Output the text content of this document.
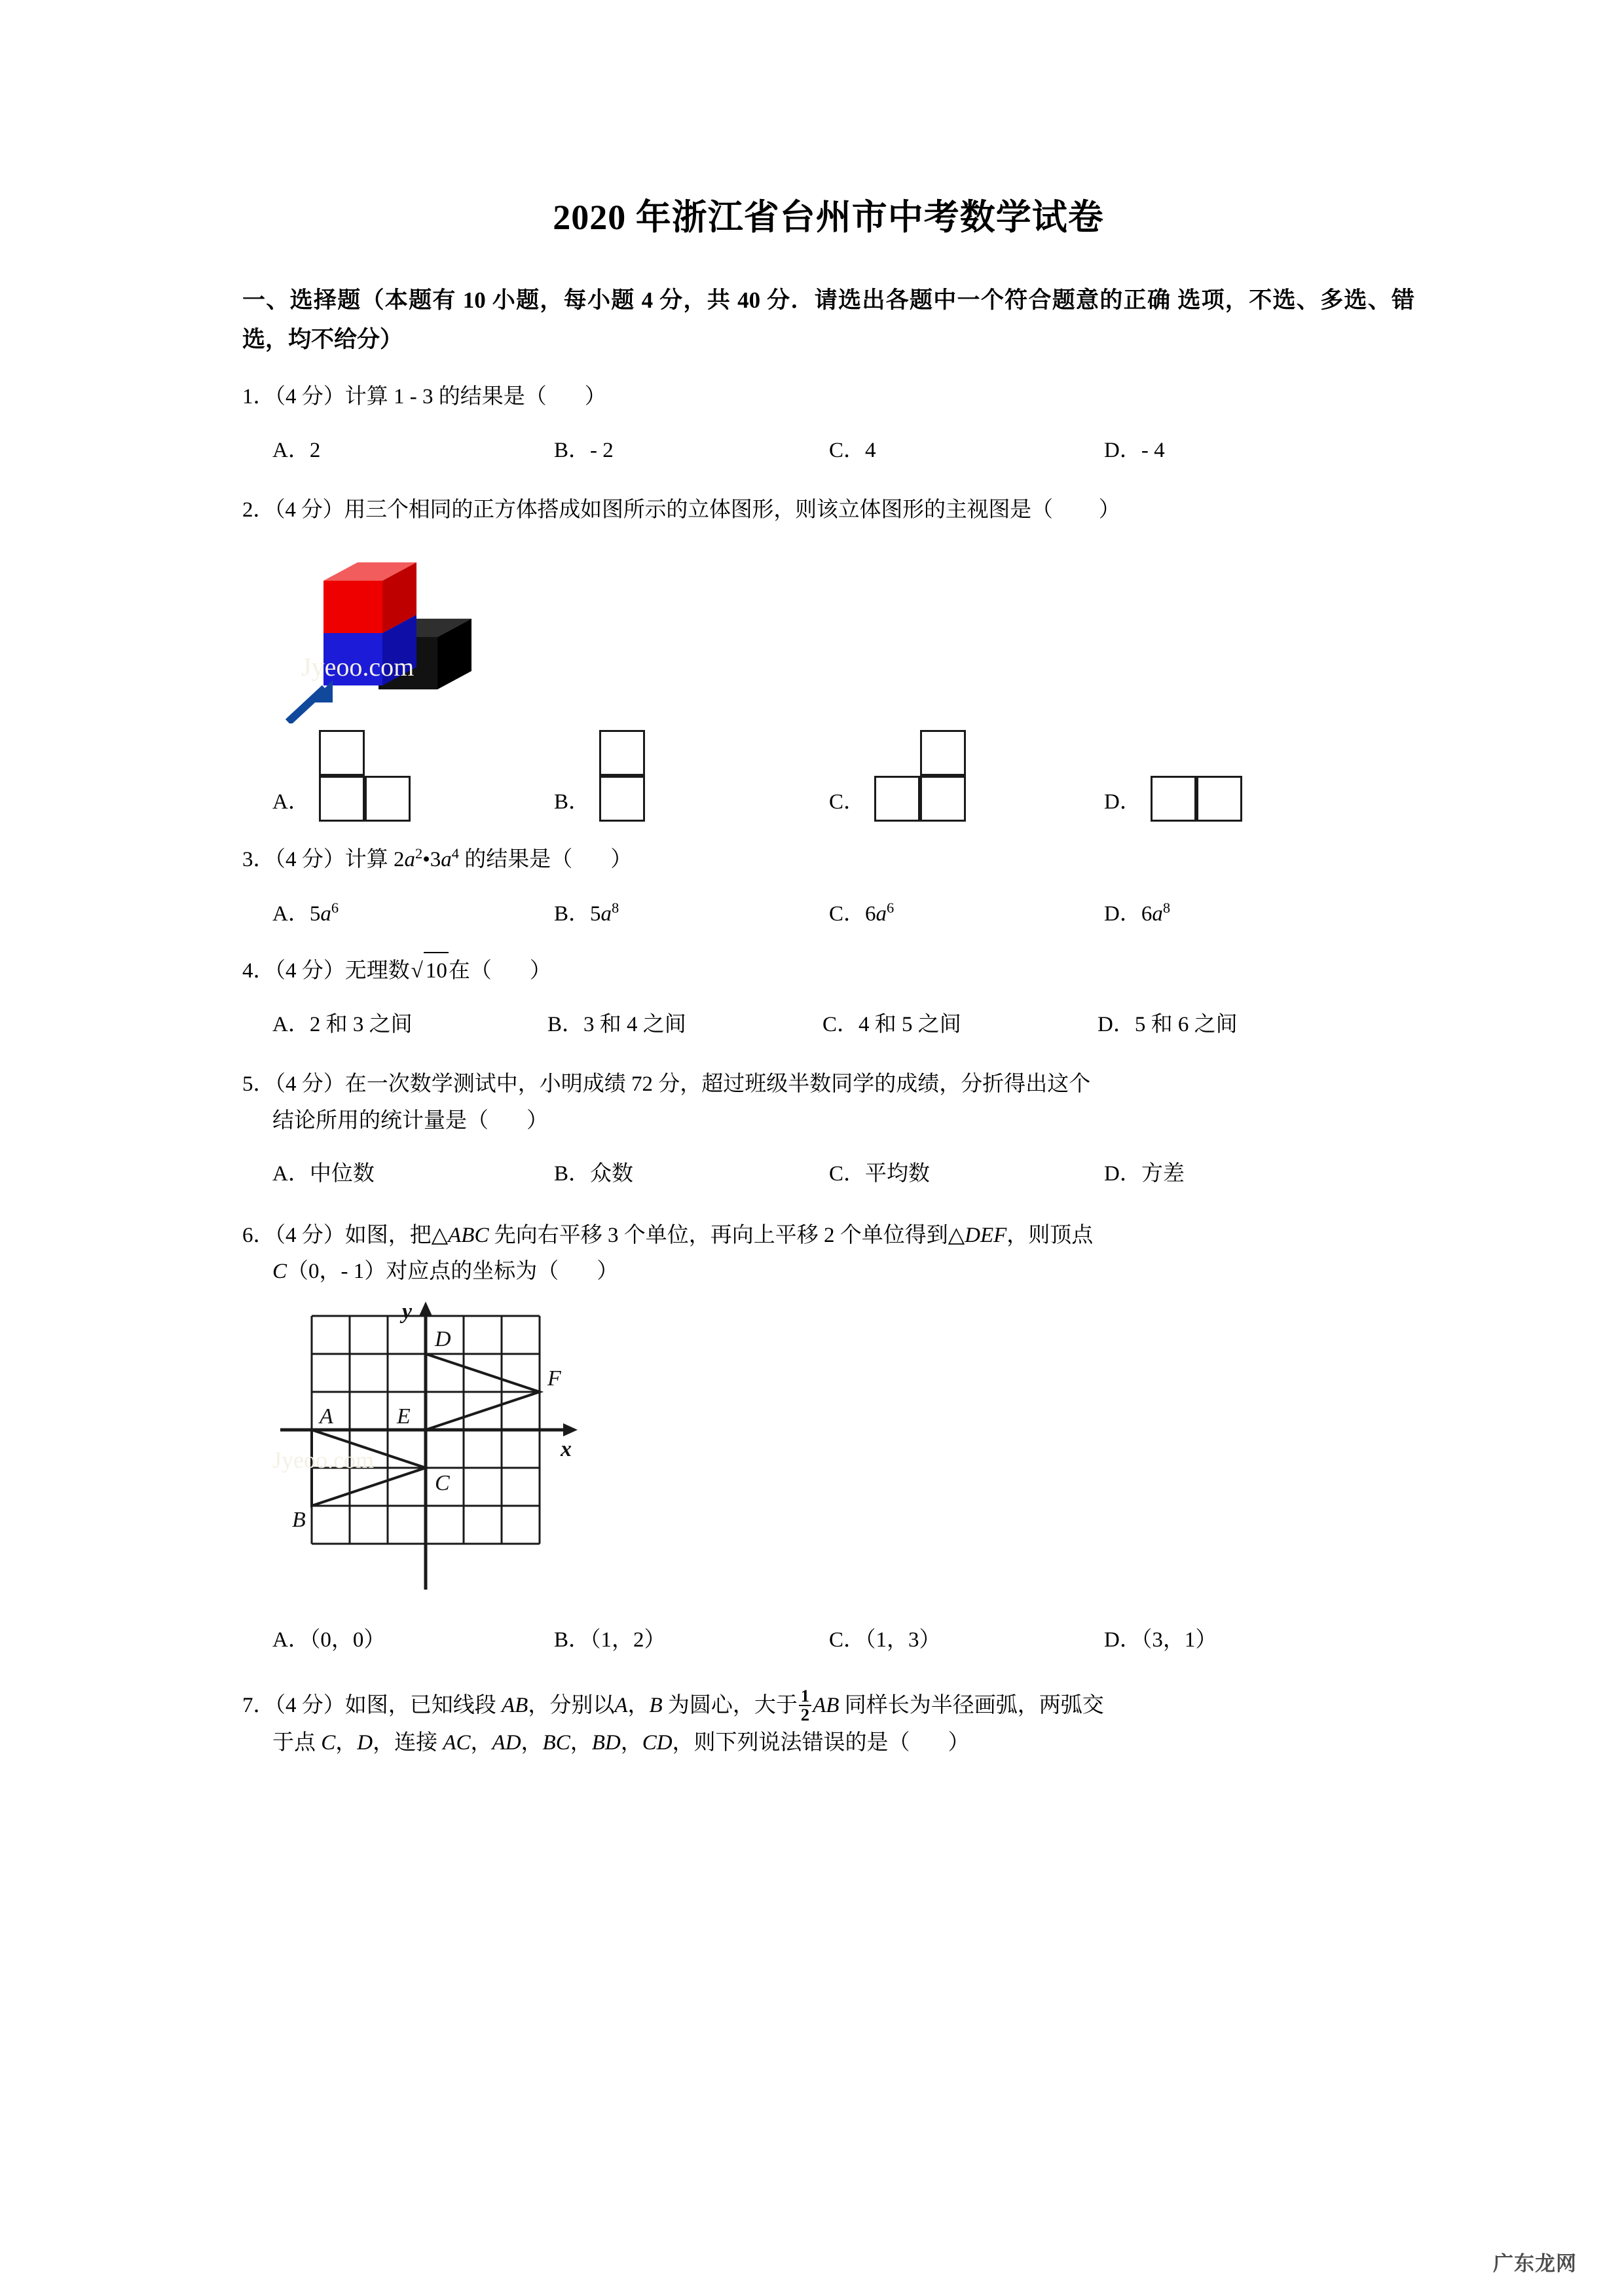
2020 年浙江省台州市中考数学试卷
一、选择题（本题有 10 小题，每小题 4 分，共 40 分．请选出各题中一个符合题意的正确 选项，不选、多选、错选，均不给分）
1．（4 分）计算 1 - 3 的结果是（ ）
A．2	B．- 2	C．4	D．- 4
2．（4 分）用三个相同的正方体搭成如图所示的立体图形，则该立体图形的主视图是（ ）
Jyeoo.com
A．	B．	C．	D．
3．（4 分）计算 $2a^2•3a^4$ 的结果是（ ）
A．$5a^6$	B．$5a^8$	C．$6a^6$	D．$6a^8$
4．（4 分）无理数√ 10在（ ）
A．2 和 3 之间	B．3 和 4 之间	C．4 和 5 之间	D．5 和 6 之间
5．（4 分）在一次数学测试中，小明成绩 72 分，超过班级半数同学的成绩，分折得出这个
结论所用的统计量是（ ）
A．中位数	B．众数	C．平均数	D．方差
6．（4 分）如图，把△ABC 先向右平移 3 个单位，再向上平移 2 个单位得到△DEF，则顶点
C（0，- 1）对应点的坐标为（ ）
A
B
C
D
E
F
y
x
Jyeoo.com
A．（0，0）	B．（1，2）	C．（1，3）	D．（3，1）
7．（4 分）如图，已知线段 AB，分别以A，B 为圆心，大于 $\frac{1}{2}$ AB 同样长为半径画弧，两弧交
于点 C，D，连接 AC，AD，BC，BD，CD，则下列说法错误的是（ ）
广东龙网
